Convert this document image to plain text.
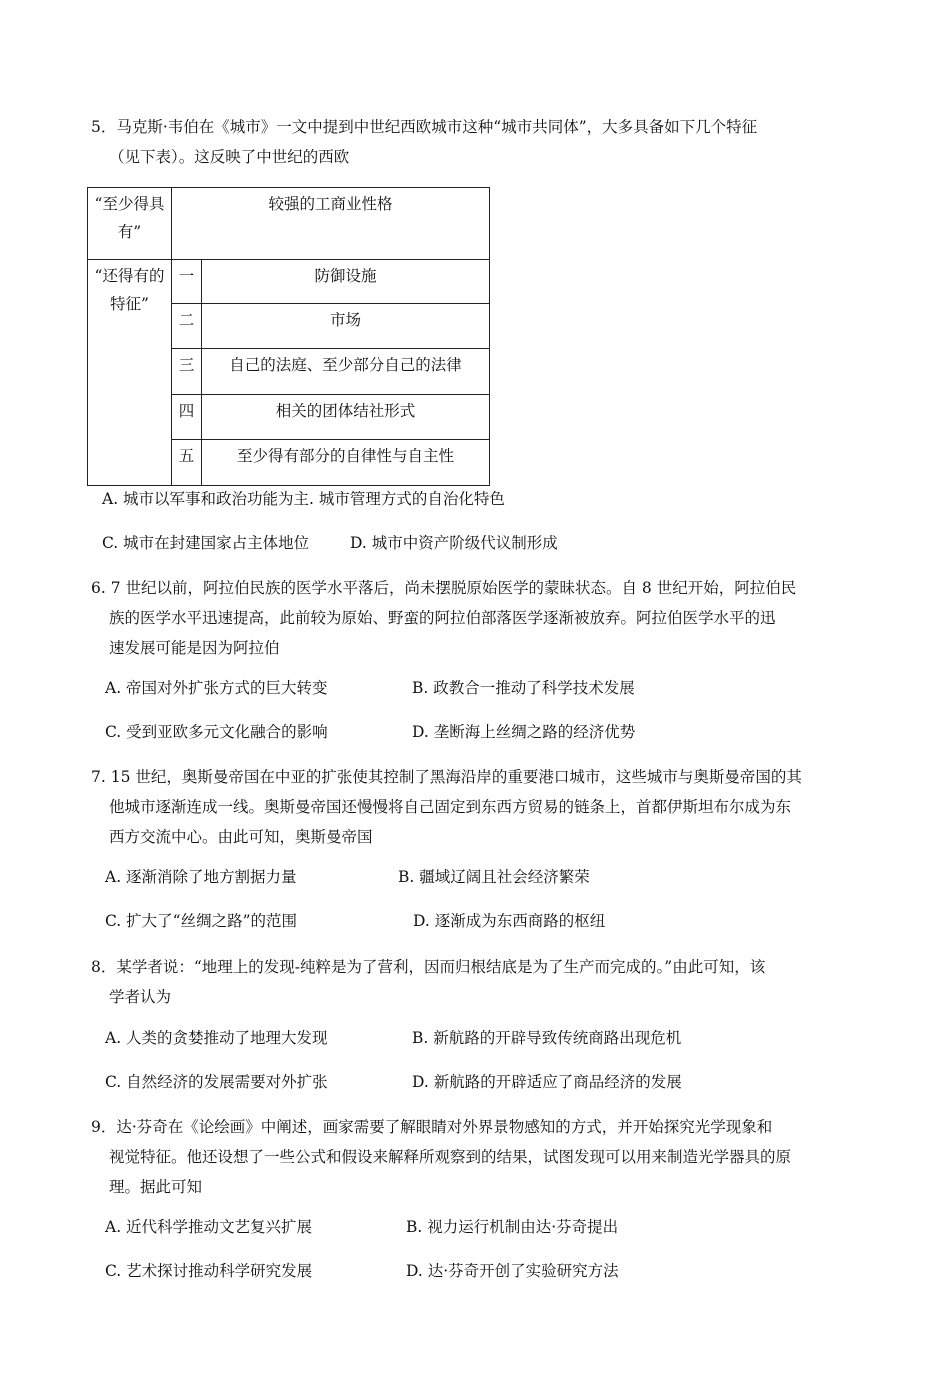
5．马克斯·韦伯在《城市》一文中提到中世纪西欧城市这种“城市共同体”，大多具备如下几个特征
（见下表）。这反映了中世纪的西欧
“至少得具有”	较强的工商业性格	
“还得有的特征”	一	防御设施
	二	市场
	三	自己的法庭、至少部分自己的法律
	四	相关的团体结社形式
	五	至少得有部分的自律性与自主性
A. 城市以军事和政治功能为主. 城市管理方式的自治化特色
C. 城市在封建国家占主体地位	D. 城市中资产阶级代议制形成
6. 7 世纪以前，阿拉伯民族的医学水平落后，尚未摆脱原始医学的蒙昧状态。自 8 世纪开始，阿拉伯民
族的医学水平迅速提高，此前较为原始、野蛮的阿拉伯部落医学逐渐被放弃。阿拉伯医学水平的迅
速发展可能是因为阿拉伯
A. 帝国对外扩张方式的巨大转变	B. 政教合一推动了科学技术发展
C. 受到亚欧多元文化融合的影响	D. 垄断海上丝绸之路的经济优势
7. 15 世纪，奥斯曼帝国在中亚的扩张使其控制了黑海沿岸的重要港口城市，这些城市与奥斯曼帝国的其
他城市逐渐连成一线。奥斯曼帝国还慢慢将自己固定到东西方贸易的链条上，首都伊斯坦布尔成为东
西方交流中心。由此可知，奥斯曼帝国
A. 逐渐消除了地方割据力量	B. 疆域辽阔且社会经济繁荣
C. 扩大了“丝绸之路”的范围	D. 逐渐成为东西商路的枢纽
8．某学者说：“地理上的发现-纯粹是为了营利，因而归根结底是为了生产而完成的。”由此可知，该
学者认为
A. 人类的贪婪推动了地理大发现	B. 新航路的开辟导致传统商路出现危机
C. 自然经济的发展需要对外扩张	D. 新航路的开辟适应了商品经济的发展
9．达·芬奇在《论绘画》中阐述，画家需要了解眼睛对外界景物感知的方式，并开始探究光学现象和
视觉特征。他还设想了一些公式和假设来解释所观察到的结果，试图发现可以用来制造光学器具的原
理。据此可知
A. 近代科学推动文艺复兴扩展	B. 视力运行机制由达·芬奇提出
C. 艺术探讨推动科学研究发展	D. 达·芬奇开创了实验研究方法
